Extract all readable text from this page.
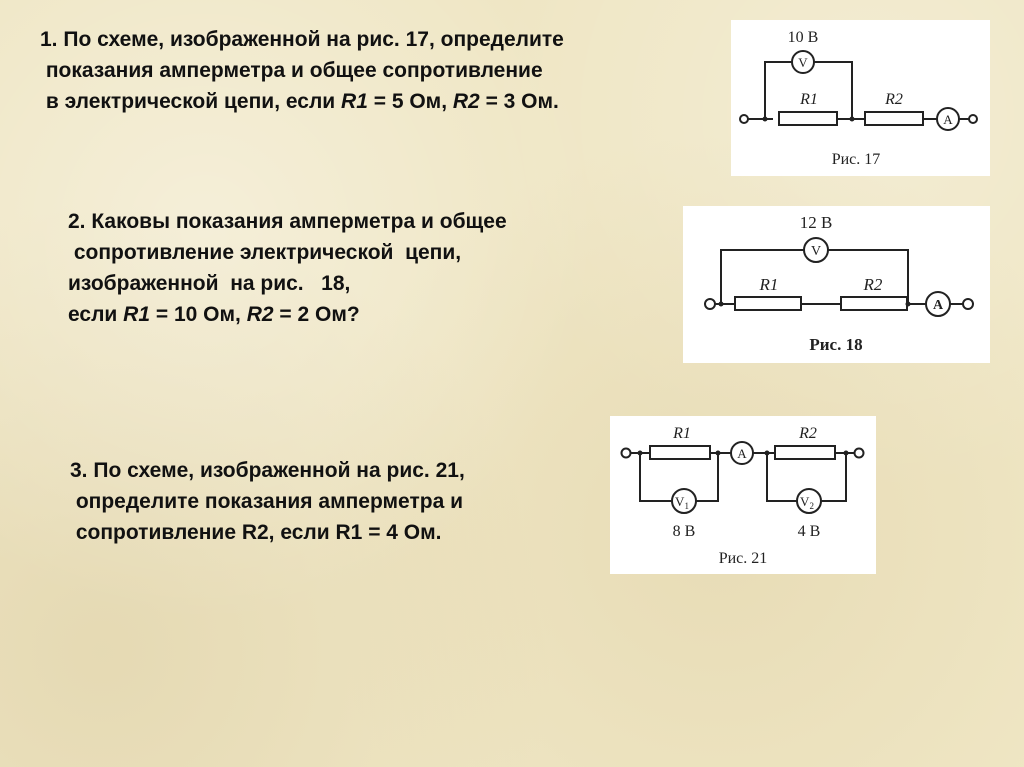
1. По схеме, изображенной на рис. 17, определите
показания амперметра и общее сопротивление
в электрической цепи, если R1 = 5 Ом, R2 = 3 Ом.
2. Каковы показания амперметра и общее
сопротивление электрической  цепи,
изображенной  на рис.   18,
если R1 = 10 Ом, R2 = 2 Ом?
3. По схеме, изображенной на рис. 21,
определите показания амперметра и
сопротивление R2, если R1 = 4 Ом.
V
A
10 В
R1	R2
Рис. 17
V
A
12 В
R1	R2
Рис. 18
A
$V_1$	$V_2$
R1	R2
8 В	4 В
Рис. 21
